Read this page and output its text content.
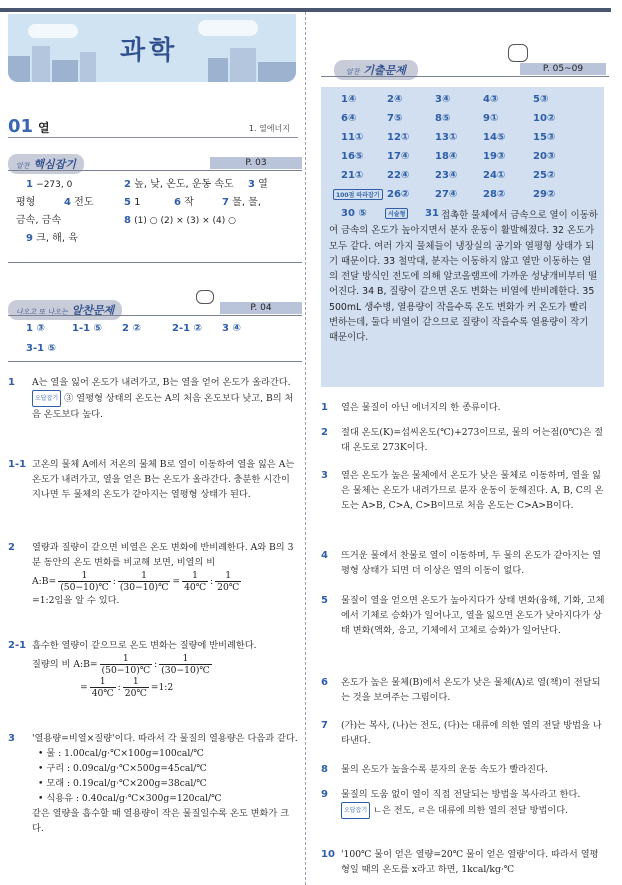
과학
01 열	1. 열에너지
알찬 핵심잡기	P. 03
1 −273, 0	2 높, 낮, 온도, 운동 속도 3 열
평형	4 전도	5 1	6 작	7 물, 물,
금속, 금속	8 (1) ○ (2) × (3) × (4) ○
9 크, 해, 육
나오고 또 나오는 알찬문제	P. 04
1 ③	1-1 ⑤ 2 ②	2-1 ② 3 ④
3-1 ⑤
1 A는 열을 잃어 온도가 내려가고, B는 열을 얻어 온도가 올라간다.
오답잡기 ③ 열평형 상태의 온도는 A의 처음 온도보다 낮고, B의 처음 온도보다 높다.
1-1 고온의 물체 A에서 저온의 물체 B로 열이 이동하여 열을 잃은 A는 온도가 내려가고, 열을 얻은 B는 온도가 올라간다. 충분한 시간이 지나면 두 물체의 온도가 같아지는 열평형 상태가 된다.
2 열량과 질량이 같으면 비열은 온도 변화에 반비례한다. A와 B의 3분 동안의 온도 변화를 비교해 보면, 비열의 비
A:B= $\frac{1}{(50-10)℃}$ : $\frac{1}{(30-10)℃} = \frac{1}{40℃}$ : $\frac{1}{20℃}$

=1:2임을 알 수 있다.
2-1 흡수한 열량이 같으므로 온도 변화는 질량에 반비례한다.
질량의 비 A:B= $\frac{1}{(50-10)℃}$ : $\frac{1}{(30-10)℃}$

= $\frac{1}{40℃}$ : $\frac{1}{20℃}$ =1:2
3 '열용량=비열×질량'이다. 따라서 각 물질의 열용량은 다음과 같다.
• 물 : 1.00cal/g·℃×100g=100cal/℃
• 구리 : 0.09cal/g·℃×500g=45cal/℃
• 모래 : 0.19cal/g·℃×200g=38cal/℃
• 식용유 : 0.40cal/g·℃×300g=120cal/℃
같은 열량을 흡수할 때 열용량이 작은 물질일수록 온도 변화가 크다.
알찬 기출문제	P. 05~09
1④	2④	3④	4③	5③
6④	7⑤	8⑤	9①	10②
11① 12①	13①	14⑤	15③
16⑤ 17④	18④	19③	20③
21① 22④	23④	24①	25②
100점 따라잡기 26②	27④	28②	29②
30 ⑤	서술형	31 접촉한 물체에서 금속으로 열이 이동하여 금속의 온도가 높아지면서 분자 운동이 활발해졌다. 32 온도가 모두 같다. 여러 가지 물체들이 냉장실의 공기와 열평형 상태가 되기 때문이다. 33 철막대, 분자는 이동하지 않고 열만 이동하는 열의 전달 방식인 전도에 의해 알코올램프에 가까운 성냥개비부터 떨어진다. 34 B, 질량이 같으면 온도 변화는 비열에 반비례한다. 35 500mL 생수병, 열용량이 작을수록 온도 변화가 커 온도가 빨리 변하는데, 둘다 비열이 같으므로 질량이 작을수록 열용량이 작기 때문이다.
1 열은 물질이 아닌 에너지의 한 종류이다.
2 절대 온도(K)=섭씨온도(℃)+273이므로, 물의 어는점(0℃)은 절대 온도로 273K이다.
3 열은 온도가 높은 물체에서 온도가 낮은 물체로 이동하며, 열을 잃은 물체는 온도가 내려가므로 분자 운동이 둔해진다. A, B, C의 온도는 A>B, C>A, C>B이므로 처음 온도는 C>A>B이다.
4 뜨거운 물에서 찬물로 열이 이동하며, 두 물의 온도가 같아지는 열평형 상태가 되면 더 이상은 열의 이동이 없다.
5 물질이 열을 얻으면 온도가 높아지다가 상태 변화(융해, 기화, 고체에서 기체로 승화)가 일어나고, 열을 잃으면 온도가 낮아지다가 상태 변화(액화, 응고, 기체에서 고체로 승화)가 일어난다.
6 온도가 높은 물체(B)에서 온도가 낮은 물체(A)로 열(책)이 전달되는 것을 보여주는 그림이다.
7 (가)는 복사, (나)는 전도, (다)는 대류에 의한 열의 전달 방법을 나타낸다.
8 물의 온도가 높을수록 분자의 운동 속도가 빨라진다.
9 물질의 도움 없이 열이 직접 전달되는 방법을 복사라고 한다.
오답잡기 ㄴ은 전도, ㄹ은 대류에 의한 열의 전달 방법이다.
10 '100℃ 물이 얻은 열량=20℃ 물이 얻은 열량'이다. 따라서 열평형일 때의 온도를 x라고 하면, 1kcal/kg·℃
